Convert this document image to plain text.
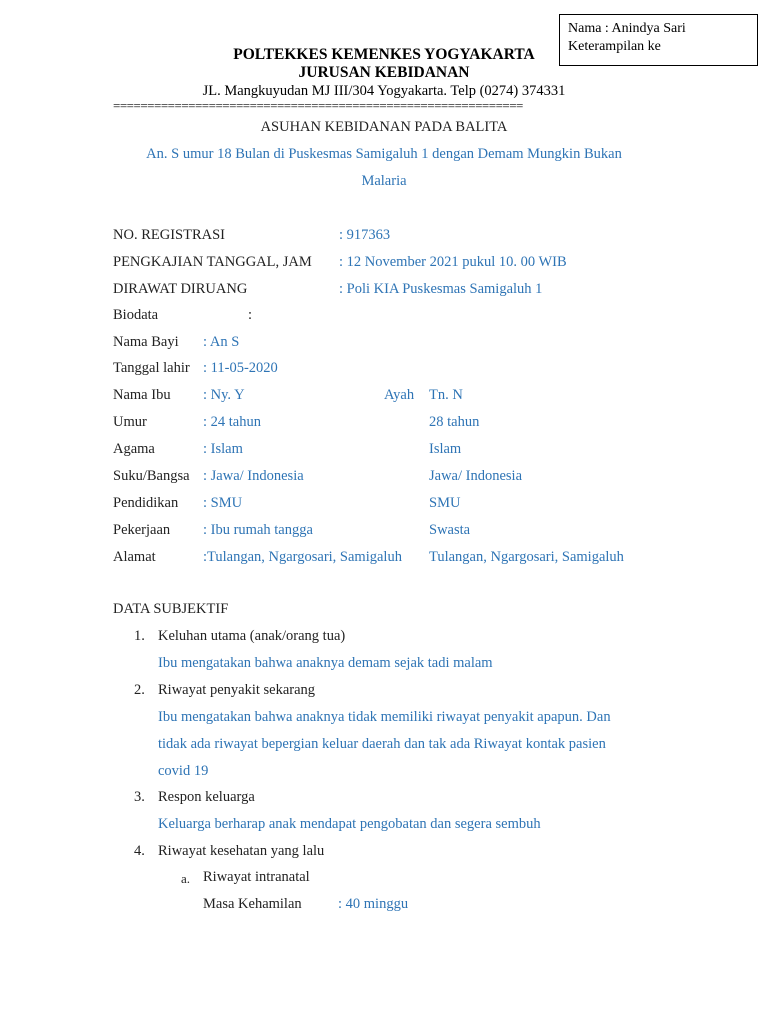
Nama : Anindya Sari
Keterampilan ke
POLTEKKES KEMENKES YOGYAKARTA
JURUSAN KEBIDANAN
JL. Mangkuyudan MJ III/304 Yogyakarta. Telp (0274) 374331
============================================================
ASUHAN KEBIDANAN PADA BALITA
An. S umur 18 Bulan di Puskesmas Samigaluh 1 dengan Demam Mungkin Bukan
Malaria
NO. REGISTRASI	: 917363
PENGKAJIAN TANGGAL, JAM : 12 November 2021 pukul 10. 00 WIB
DIRAWAT DIRUANG	: Poli KIA Puskesmas Samigaluh 1
Biodata	:
Nama Bayi : An S
Tanggal lahir : 11-05-2020
Nama Ibu : Ny. Y	Ayah Tn. N
Umur	: 24 tahun	28 tahun
Agama	: Islam	Islam
Suku/Bangsa : Jawa/ Indonesia	Jawa/ Indonesia
Pendidikan : SMU	SMU
Pekerjaan : Ibu rumah tangga	Swasta
Alamat	:Tulangan, Ngargosari, Samigaluh Tulangan, Ngargosari, Samigaluh
DATA SUBJEKTIF
1. Keluhan utama (anak/orang tua)
Ibu mengatakan bahwa anaknya demam sejak tadi malam
2. Riwayat penyakit sekarang
Ibu mengatakan bahwa anaknya tidak memiliki riwayat penyakit apapun. Dan
tidak ada riwayat bepergian keluar daerah dan tak ada Riwayat kontak pasien
covid 19
3. Respon keluarga
Keluarga berharap anak mendapat pengobatan dan segera sembuh
4. Riwayat kesehatan yang lalu
a. Riwayat intranatal
Masa Kehamilan	: 40 minggu
